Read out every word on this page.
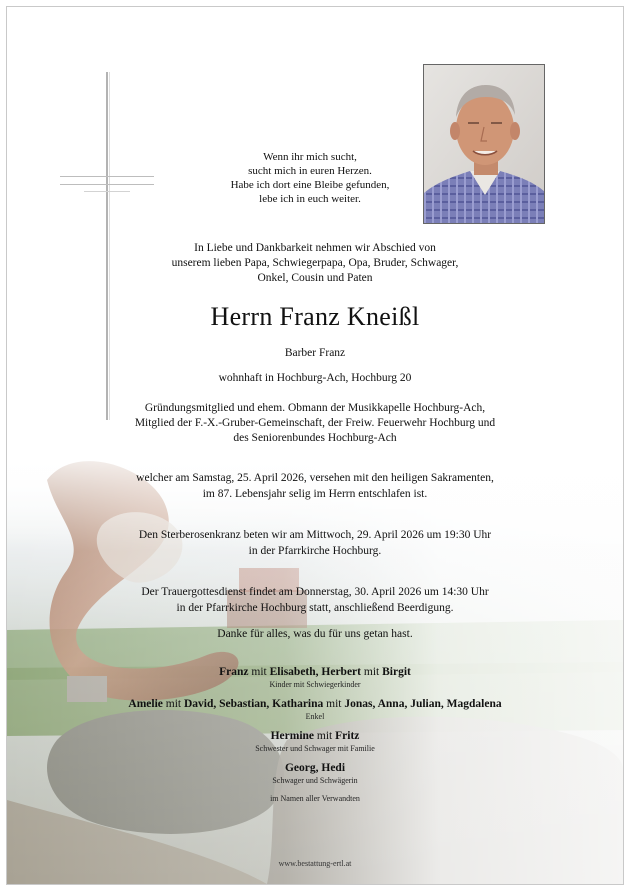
Wenn ihr mich sucht,
sucht mich in euren Herzen.
Habe ich dort eine Bleibe gefunden,
lebe ich in euch weiter.
In Liebe und Dankbarkeit nehmen wir Abschied von
unserem lieben Papa, Schwiegerpapa, Opa, Bruder, Schwager,
Onkel, Cousin und Paten
Herrn Franz Kneißl
Barber Franz
wohnhaft in Hochburg-Ach, Hochburg 20
Gründungsmitglied und ehem. Obmann der Musikkapelle Hochburg-Ach,
Mitglied der F.-X.-Gruber-Gemeinschaft, der Freiw. Feuerwehr Hochburg und
des Seniorenbundes Hochburg-Ach
welcher am Samstag, 25. April 2026, versehen mit den heiligen Sakramenten,
im 87. Lebensjahr selig im Herrn entschlafen ist.
Den Sterberosenkranz beten wir am Mittwoch, 29. April 2026 um 19:30 Uhr
in der Pfarrkirche Hochburg.
Der Trauergottesdienst findet am Donnerstag, 30. April 2026 um 14:30 Uhr
in der Pfarrkirche Hochburg statt, anschließend Beerdigung.
Danke für alles, was du für uns getan hast.
Franz mit Elisabeth, Herbert mit Birgit
Kinder mit Schwiegerkinder
Amelie mit David, Sebastian, Katharina mit Jonas, Anna, Julian, Magdalena
Enkel
Hermine mit Fritz
Schwester und Schwager mit Familie
Georg, Hedi
Schwager und Schwägerin
im Namen aller Verwandten
www.bestattung-ertl.at
